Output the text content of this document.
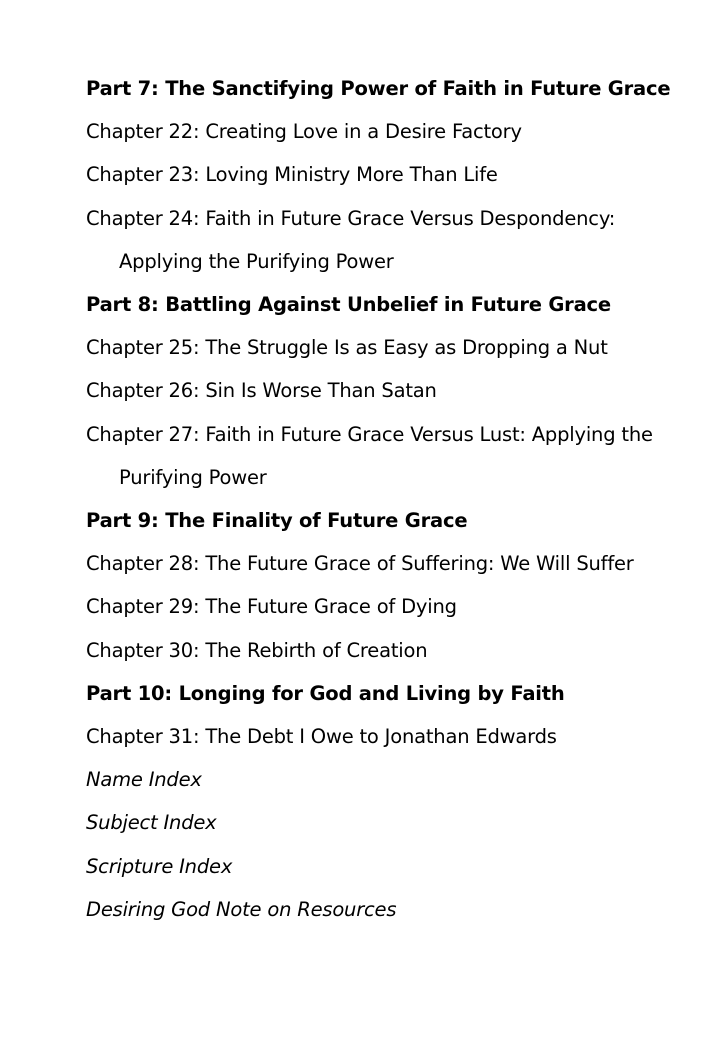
Part 7: The Sanctifying Power of Faith in Future Grace

Chapter 22: Creating Love in a Desire Factory

Chapter 23: Loving Ministry More Than Life

Chapter 24: Faith in Future Grace Versus Despondency: Applying the Purifying Power

Part 8: Battling Against Unbelief in Future Grace

Chapter 25: The Struggle Is as Easy as Dropping a Nut

Chapter 26: Sin Is Worse Than Satan

Chapter 27: Faith in Future Grace Versus Lust: Applying the Purifying Power

Part 9: The Finality of Future Grace

Chapter 28: The Future Grace of Suffering: We Will Suffer

Chapter 29: The Future Grace of Dying

Chapter 30: The Rebirth of Creation

Part 10: Longing for God and Living by Faith

Chapter 31: The Debt I Owe to Jonathan Edwards

Name Index

Subject Index

Scripture Index

Desiring God Note on Resources
